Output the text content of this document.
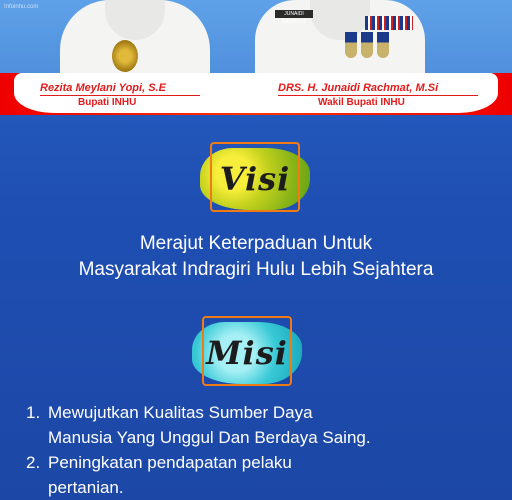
Infoinhu.com
JUNAIDI RACHMAT
Rezita Meylani Yopi, S.E
Bupati INHU
DRS. H. Junaidi Rachmat, M.Si
Wakil Bupati INHU
Visi
Merajut Keterpaduan Untuk
Masyarakat Indragiri Hulu Lebih Sejahtera
Misi
1. Mewujutkan Kualitas Sumber Daya
Manusia Yang Unggul Dan Berdaya Saing.
2. Peningkatan pendapatan pelaku
pertanian.
